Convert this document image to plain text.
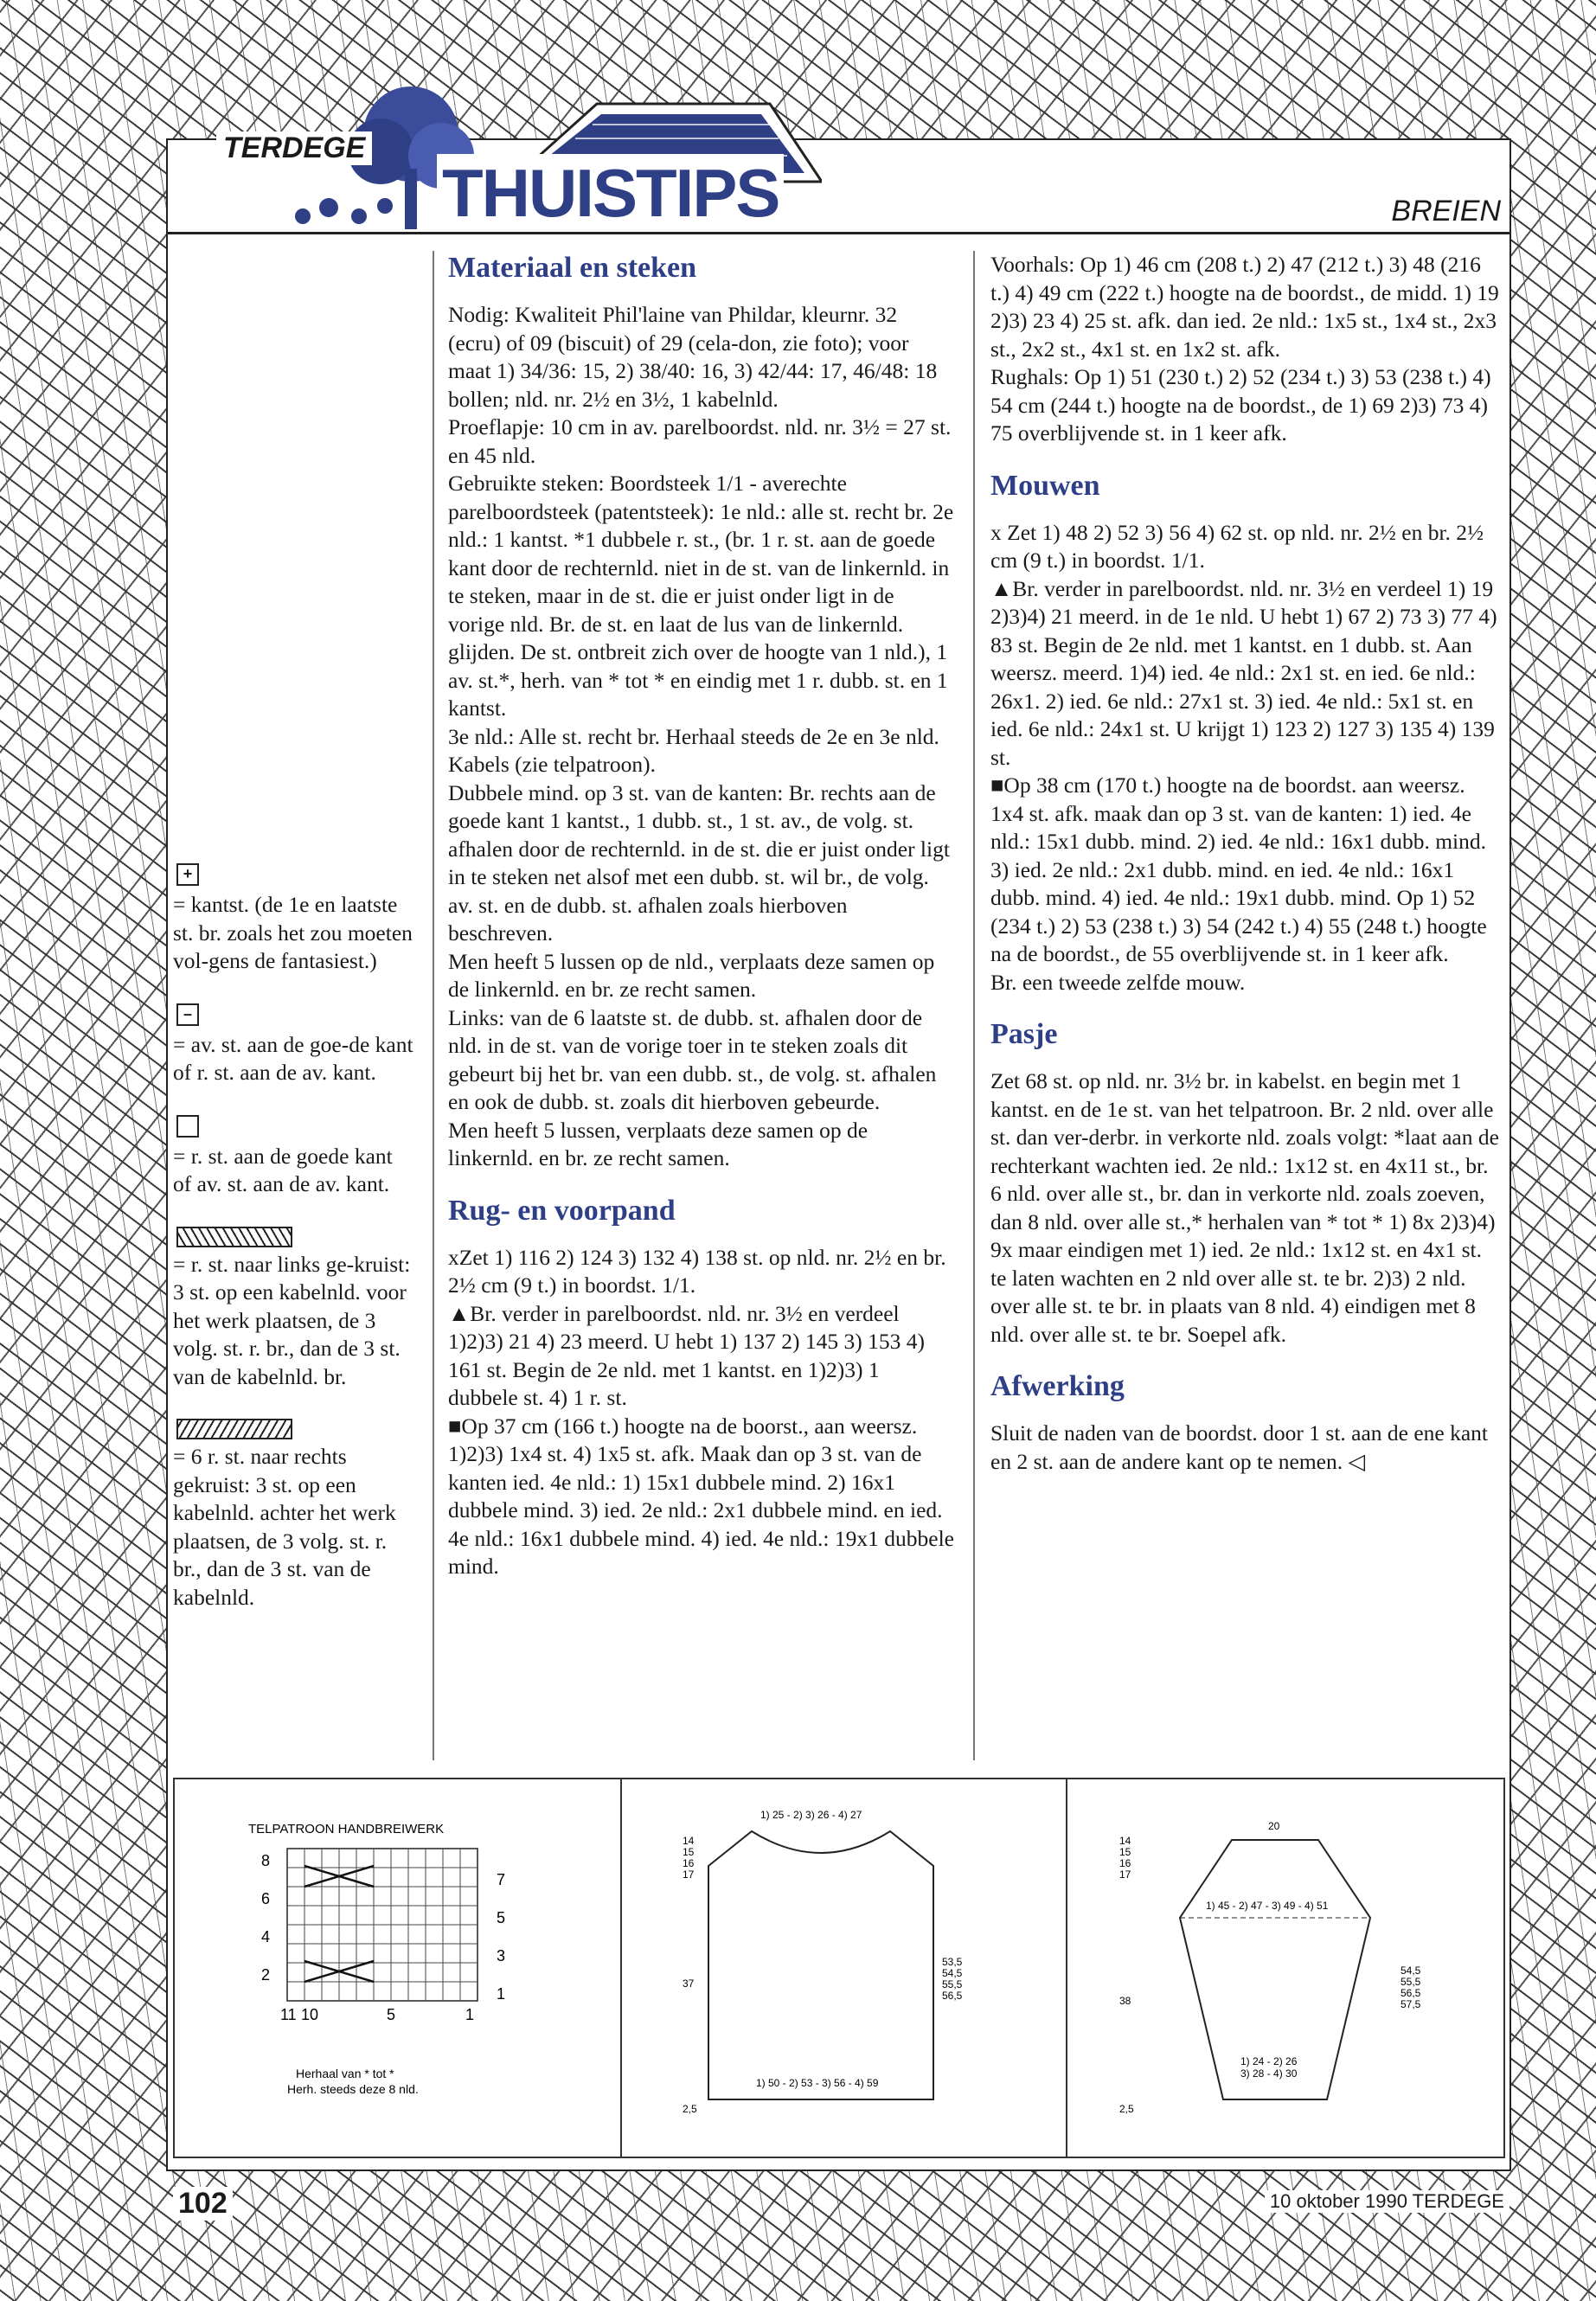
TERDEGE
THUISTIPS	BREIEN
+

= kantst. (de 1e en laatste st. br. zoals het zou moeten vol-gens de fantasiest.)

–

= av. st. aan de goe-de kant of r. st. aan de av. kant.

= r. st. aan de goede kant of av. st. aan de av. kant.

= r. st. naar links ge-kruist: 3 st. op een kabelnld. voor het werk plaatsen, de 3 volg. st. r. br., dan de 3 st. van de kabelnld. br.

= 6 r. st. naar rechts gekruist: 3 st. op een kabelnld. achter het werk plaatsen, de 3 volg. st. r. br., dan de 3 st. van de kabelnld.

Materiaal en steken

Nodig: Kwaliteit Phil'laine van Phildar, kleurnr. 32 (ecru) of 09 (biscuit) of 29 (cela-don, zie foto); voor maat 1) 34/36: 15, 2) 38/40: 16, 3) 42/44: 17, 46/48: 18 bollen; nld. nr. 2½ en 3½, 1 kabelnld.

Proeflapje: 10 cm in av. parelboordst. nld. nr. 3½ = 27 st. en 45 nld.

Gebruikte steken: Boordsteek 1/1 - averechte parelboordsteek (patentsteek): 1e nld.: alle st. recht br. 2e nld.: 1 kantst. *1 dubbele r. st., (br. 1 r. st. aan de goede kant door de rechternld. niet in de st. van de linkernld. in te steken, maar in de st. die er juist onder ligt in de vorige nld. Br. de st. en laat de lus van de linkernld. glijden. De st. ontbreit zich over de hoogte van 1 nld.), 1 av. st.*, herh. van * tot * en eindig met 1 r. dubb. st. en 1 kantst.

3e nld.: Alle st. recht br. Herhaal steeds de 2e en 3e nld.

Kabels (zie telpatroon).

Dubbele mind. op 3 st. van de kanten: Br. rechts aan de goede kant 1 kantst., 1 dubb. st., 1 st. av., de volg. st. afhalen door de rechternld. in de st. die er juist onder ligt in te steken net alsof met een dubb. st. wil br., de volg. av. st. en de dubb. st. afhalen zoals hierboven beschreven.

Men heeft 5 lussen op de nld., verplaats deze samen op de linkernld. en br. ze recht samen.

Links: van de 6 laatste st. de dubb. st. afhalen door de nld. in de st. van de vorige toer in te steken zoals dit gebeurt bij het br. van een dubb. st., de volg. st. afhalen en ook de dubb. st. zoals dit hierboven gebeurde.

Men heeft 5 lussen, verplaats deze samen op de linkernld. en br. ze recht samen.

Rug- en voorpand

xZet 1) 116 2) 124 3) 132 4) 138 st. op nld. nr. 2½ en br. 2½ cm (9 t.) in boordst. 1/1.

▲Br. verder in parelboordst. nld. nr. 3½ en verdeel 1)2)3) 21 4) 23 meerd. U hebt 1) 137 2) 145 3) 153 4) 161 st. Begin de 2e nld. met 1 kantst. en 1)2)3) 1 dubbele st. 4) 1 r. st.

■Op 37 cm (166 t.) hoogte na de boorst., aan weersz. 1)2)3) 1x4 st. 4) 1x5 st. afk. Maak dan op 3 st. van de kanten ied. 4e nld.: 1) 15x1 dubbele mind. 2) 16x1 dubbele mind. 3) ied. 2e nld.: 2x1 dubbele mind. en ied. 4e nld.: 16x1 dubbele mind. 4) ied. 4e nld.: 19x1 dubbele mind.

Voorhals: Op 1) 46 cm (208 t.) 2) 47 (212 t.) 3) 48 (216 t.) 4) 49 cm (222 t.) hoogte na de boordst., de midd. 1) 19 2)3) 23 4) 25 st. afk. dan ied. 2e nld.: 1x5 st., 1x4 st., 2x3 st., 2x2 st., 4x1 st. en 1x2 st. afk.

Rughals: Op 1) 51 (230 t.) 2) 52 (234 t.) 3) 53 (238 t.) 4) 54 cm (244 t.) hoogte na de boordst., de 1) 69 2)3) 73 4) 75 overblijvende st. in 1 keer afk.

Mouwen

x Zet 1) 48 2) 52 3) 56 4) 62 st. op nld. nr. 2½ en br. 2½ cm (9 t.) in boordst. 1/1.

▲Br. verder in parelboordst. nld. nr. 3½ en verdeel 1) 19 2)3)4) 21 meerd. in de 1e nld. U hebt 1) 67 2) 73 3) 77 4) 83 st. Begin de 2e nld. met 1 kantst. en 1 dubb. st. Aan weersz. meerd. 1)4) ied. 4e nld.: 2x1 st. en ied. 6e nld.: 26x1. 2) ied. 6e nld.: 27x1 st. 3) ied. 4e nld.: 5x1 st. en ied. 6e nld.: 24x1 st. U krijgt 1) 123 2) 127 3) 135 4) 139 st.

■Op 38 cm (170 t.) hoogte na de boordst. aan weersz. 1x4 st. afk. maak dan op 3 st. van de kanten: 1) ied. 4e nld.: 15x1 dubb. mind. 2) ied. 4e nld.: 16x1 dubb. mind. 3) ied. 2e nld.: 2x1 dubb. mind. en ied. 4e nld.: 16x1 dubb. mind. 4) ied. 4e nld.: 19x1 dubb. mind. Op 1) 52 (234 t.) 2) 53 (238 t.) 3) 54 (242 t.) 4) 55 (248 t.) hoogte na de boordst., de 55 overblijvende st. in 1 keer afk.

Br. een tweede zelfde mouw.

Pasje

Zet 68 st. op nld. nr. 3½ br. in kabelst. en begin met 1 kantst. en de 1e st. van het telpatroon. Br. 2 nld. over alle st. dan ver-derbr. in verkorte nld. zoals volgt: *laat aan de rechterkant wachten ied. 2e nld.: 1x12 st. en 4x11 st., br. 6 nld. over alle st., br. dan in verkorte nld. zoals zoeven, dan 8 nld. over alle st.,* herhalen van * tot * 1) 8x 2)3)4) 9x maar eindigen met 1) ied. 2e nld.: 1x12 st. en 4x1 st. te laten wachten en 2 nld over alle st. te br. 2)3) 2 nld. over alle st. te br. in plaats van 8 nld. 4) eindigen met 8 nld. over alle st. te br. Soepel afk.

Afwerking

Sluit de naden van de boordst. door 1 st. aan de ene kant en 2 st. aan de andere kant op te nemen. ◁

TELPATROON HANDBREIWERK
8
6
4
2
7
5
3
1
11 10	5	1
Herhaal van * tot *
Herh. steeds deze 8 nld.
1) 25 - 2) 3) 26 - 4) 27
14
15
16
17
37
2,5
53,5
54,5
55,5
56,5
1) 50 - 2) 53 - 3) 56 - 4) 59
20
14
15
16
17
38
2,5
1) 45 - 2) 47 - 3) 49 - 4) 51
54,5
55,5
56,5
57,5
1) 24 - 2) 26
3) 28 - 4) 30
102	10 oktober 1990 TERDEGE
